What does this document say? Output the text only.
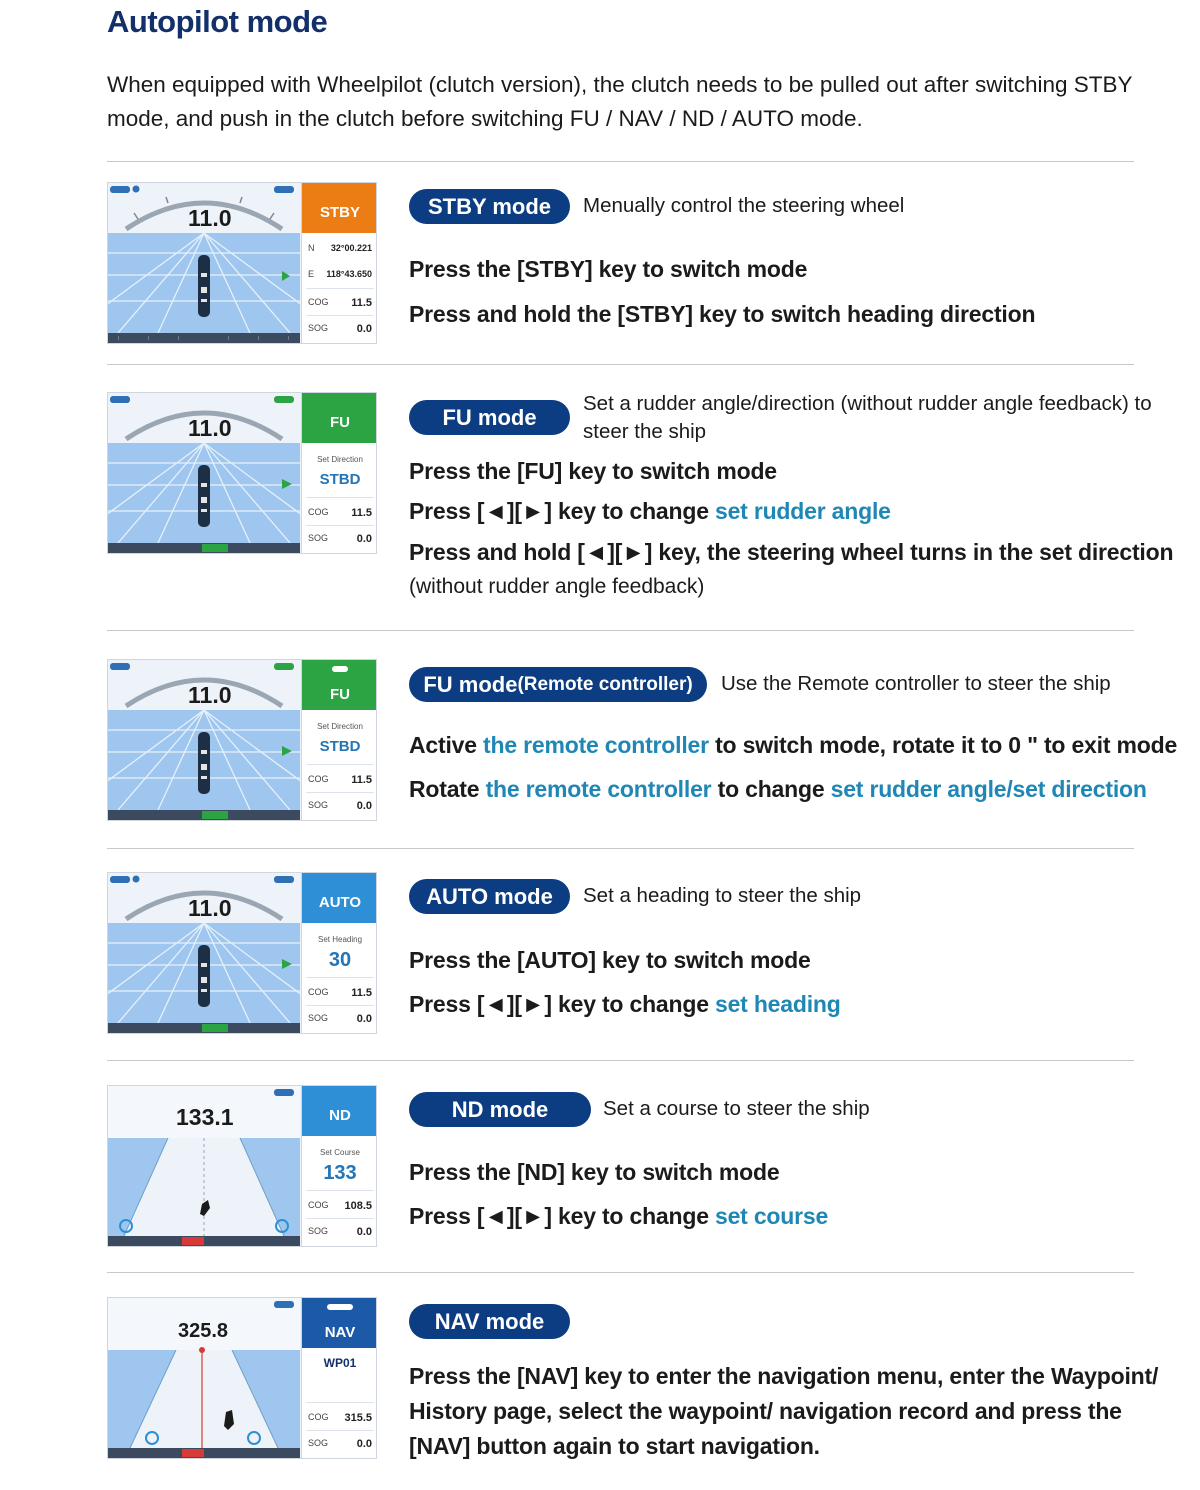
Autopilot mode
When equipped with Wheelpilot (clutch version), the clutch needs to be pulled out after switching STBY mode, and push in the clutch before switching FU / NAV / ND / AUTO mode.
11.0	STBY
N 32°00.221
E 118°43.650
COG 11.5
SOG	0.0
STBY mode	Menually control the steering wheel
Press the [STBY] key to switch mode
Press and hold the [STBY] key to switch heading direction
11.0	FU
Set Direction
STBD
COG 11.5
SOG	0.0
FU mode
Set a rudder angle/direction (without rudder angle feedback) to steer the ship
Press the [FU] key to switch mode
Press [◄][►] key to change set rudder angle
Press and hold [◄][►] key, the steering wheel turns in the set direction
(without rudder angle feedback)
11.0	FU
Set Direction
STBD
COG 11.5
SOG	0.0
FU mode (Remote controller) Use the Remote controller to steer the ship
Active the remote controller to switch mode, rotate it to 0 " to exit mode
Rotate the remote controller to change set rudder angle/set direction
11.0	AUTO
Set Heading
30
COG 11.5
SOG	0.0
AUTO mode	Set a heading to steer the ship
Press the [AUTO] key to switch mode
Press [◄][►] key to change set heading
133.1	ND
Set Course
133
COG 108.5
SOG	0.0
ND mode	Set a course to steer the ship
Press the [ND] key to switch mode
Press [◄][►] key to change set course
325.8	NAV
WP01
COG 315.5
SOG	0.0
NAV mode
Press the [NAV] key to enter the navigation menu, enter the Waypoint/ History page, select the waypoint/ navigation record and press the [NAV] button again to start navigation.
